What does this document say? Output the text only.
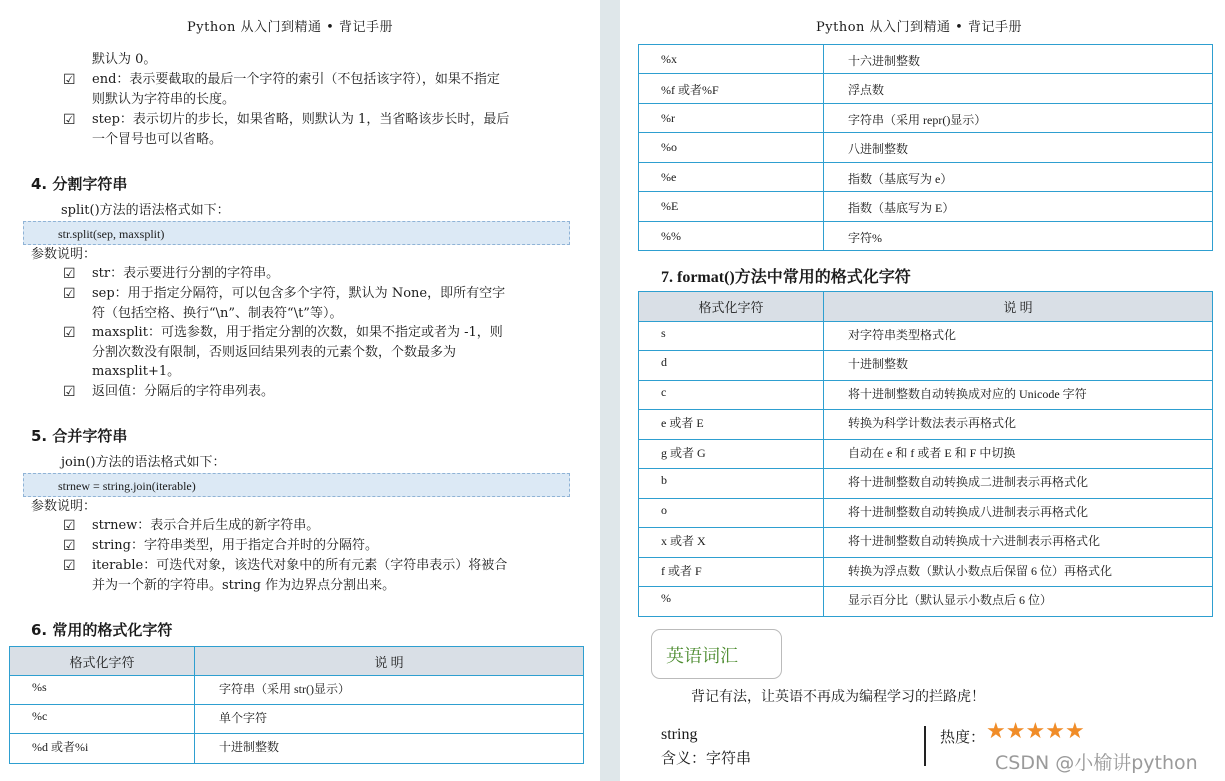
Python 从入门到精通 • 背记手册
默认为 0。
☑ end：表示要截取的最后一个字符的索引（不包括该字符），如果不指定
则默认为字符串的长度。
☑ step：表示切片的步长，如果省略，则默认为 1，当省略该步长时，最后
一个冒号也可以省略。
4. 分割字符串
split()方法的语法格式如下：
str.split(sep, maxsplit)
参数说明：
☑ str：表示要进行分割的字符串。
☑ sep：用于指定分隔符，可以包含多个字符，默认为 None，即所有空字
符（包括空格、换行“\n”、制表符“\t”等）。
☑ maxsplit：可选参数，用于指定分割的次数，如果不指定或者为 -1，则
分割次数没有限制，否则返回结果列表的元素个数，个数最多为
maxsplit+1。
☑ 返回值：分隔后的字符串列表。
5. 合并字符串
join()方法的语法格式如下：
strnew = string.join(iterable)
参数说明：
☑ strnew：表示合并后生成的新字符串。
☑ string：字符串类型，用于指定合并时的分隔符。
☑ iterable：可迭代对象，该迭代对象中的所有元素（字符串表示）将被合
并为一个新的字符串。string 作为边界点分割出来。
6. 常用的格式化字符
格式化字符	说 明
%s	字符串（采用 str()显示）
%c	单个字符
%d 或者%i	十进制整数
Python 从入门到精通 • 背记手册
%x	十六进制整数
%f 或者%F	浮点数
%r	字符串（采用 repr()显示）
%o	八进制整数
%e	指数（基底写为 e）
%E	指数（基底写为 E）
%%	字符%
7. format()方法中常用的格式化字符
格式化字符	说 明
s	对字符串类型格式化
d	十进制整数
c	将十进制整数自动转换成对应的 Unicode 字符
e 或者 E	转换为科学计数法表示再格式化
g 或者 G	自动在 e 和 f 或者 E 和 F 中切换
b	将十进制整数自动转换成二进制表示再格式化
o	将十进制整数自动转换成八进制表示再格式化
x 或者 X	将十进制整数自动转换成十六进制表示再格式化
f 或者 F	转换为浮点数（默认小数点后保留 6 位）再格式化
%	显示百分比（默认显示小数点后 6 位）
英语词汇
背记有法，让英语不再成为编程学习的拦路虎！
string
含义：字符串
热度： ★★★★★
CSDN @小榆讲python
